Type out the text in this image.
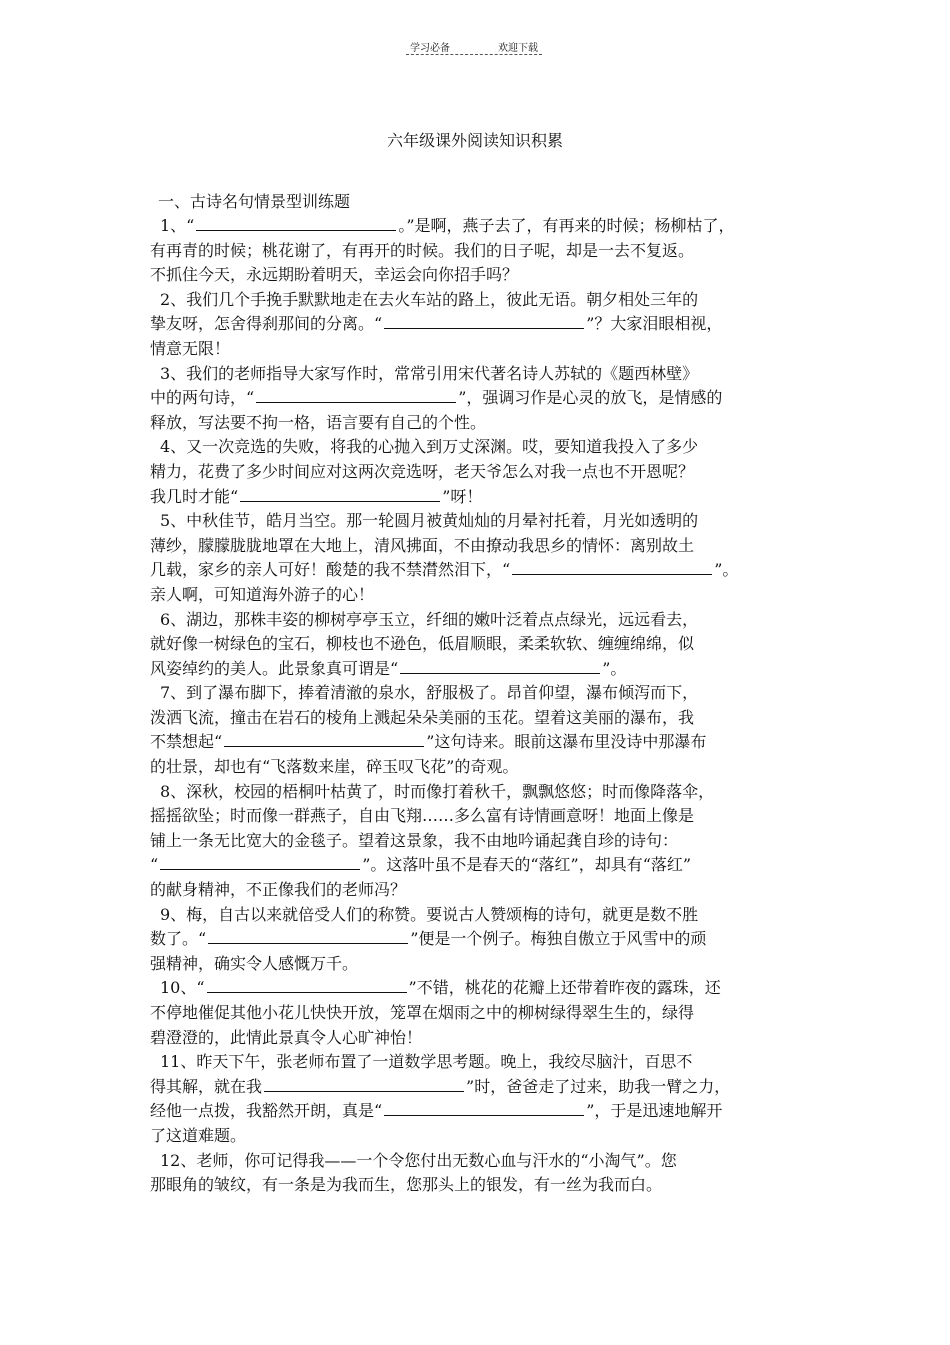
学习必备	欢迎下载
六年级课外阅读知识积累
一、古诗名句情景型训练题
1、“	。”是啊，燕子去了，有再来的时候；杨柳枯了，
有再青的时候；桃花谢了，有再开的时候。我们的日子呢，却是一去不复返。
不抓住今天，永远期盼着明天，幸运会向你招手吗？
2、我们几个手挽手默默地走在去火车站的路上，彼此无语。朝夕相处三年的
挚友呀，怎舍得刹那间的分离。“	”？大家泪眼相视，
情意无限！
3、我们的老师指导大家写作时，常常引用宋代著名诗人苏轼的《题西林壁》
中的两句诗，“	”，强调习作是心灵的放飞，是情感的
释放，写法要不拘一格，语言要有自己的个性。
4、又一次竞选的失败，将我的心抛入到万丈深渊。哎，要知道我投入了多少
精力，花费了多少时间应对这两次竞选呀，老天爷怎么对我一点也不开恩呢？
我几时才能“	”呀！
5、中秋佳节，皓月当空。那一轮圆月被黄灿灿的月晕衬托着，月光如透明的
薄纱，朦朦胧胧地罩在大地上，清风拂面，不由撩动我思乡的情怀：离别故土
几载，家乡的亲人可好！酸楚的我不禁潸然泪下，“	”。
亲人啊，可知道海外游子的心！
6、湖边，那株丰姿的柳树亭亭玉立，纤细的嫩叶泛着点点绿光，远远看去，
就好像一树绿色的宝石，柳枝也不逊色，低眉顺眼，柔柔软软、缠缠绵绵，似
风姿绰约的美人。此景象真可谓是“	”。
7、到了瀑布脚下，捧着清澈的泉水，舒服极了。昂首仰望，瀑布倾泻而下，
泼洒飞流，撞击在岩石的棱角上溅起朵朵美丽的玉花。望着这美丽的瀑布，我
不禁想起“	”这句诗来。眼前这瀑布里没诗中那瀑布
的壮景，却也有“飞落数来崖，碎玉叹飞花”的奇观。
8、深秋，校园的梧桐叶枯黄了，时而像打着秋千，飘飘悠悠；时而像降落伞，
摇摇欲坠；时而像一群燕子，自由飞翔……多么富有诗情画意呀！地面上像是
铺上一条无比宽大的金毯子。望着这景象，我不由地吟诵起龚自珍的诗句：
“	”。这落叶虽不是春天的“落红”，却具有“落红”
的献身精神，不正像我们的老师冯？
9、梅，自古以来就倍受人们的称赞。要说古人赞颂梅的诗句，就更是数不胜
数了。“	”便是一个例子。梅独自傲立于风雪中的顽
强精神，确实令人感慨万千。
10、“	”不错，桃花的花瓣上还带着昨夜的露珠，还
不停地催促其他小花儿快快开放，笼罩在烟雨之中的柳树绿得翠生生的，绿得
碧澄澄的，此情此景真令人心旷神怡！
11、昨天下午，张老师布置了一道数学思考题。晚上，我绞尽脑汁，百思不
得其解，就在我	”时，爸爸走了过来，助我一臂之力，
经他一点拨，我豁然开朗，真是“	”，于是迅速地解开
了这道难题。
12、老师，你可记得我——一个令您付出无数心血与汗水的“小淘气”。您
那眼角的皱纹，有一条是为我而生，您那头上的银发，有一丝为我而白。
